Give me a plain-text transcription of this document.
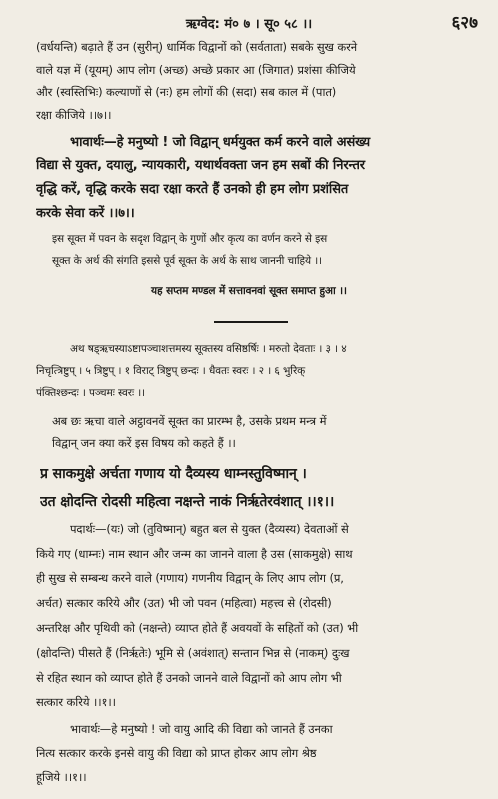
ऋग्वेद: मं० ७ । सू० ५८ ।।	६२७
(वर्धयन्ति) बढ़ाते हैं उन (सुरीन्) धार्मिक विद्वानों को (सर्वताता) सबके सुख करने
वाले यज्ञ में (यूयम्) आप लोग (अच्छ) अच्छे प्रकार आ (जिगात) प्रशंसा कीजिये
और (स्वस्तिभिः) कल्याणों से (नः) हम लोगों की (सदा) सब काल में (पात)
रक्षा कीजिये ।।७।।
भावार्थः—हे मनुष्यो ! जो विद्वान् धर्मयुक्त कर्म करने वाले असंख्य
विद्या से युक्त, दयालु, न्यायकारी, यथार्थवक्ता जन हम सबों की निरन्तर
वृद्धि करें, वृद्धि करके सदा रक्षा करते हैं उनको ही हम लोग प्रशंसित
करके सेवा करें ।।७।।
इस सूक्त में पवन के सदृश विद्वान् के गुणों और कृत्य का वर्णन करने से इस
सूक्त के अर्थ की संगति इससे पूर्व सूक्त के अर्थ के साथ जाननी चाहिये ।।
यह सप्तम मण्डल में सत्तावनवां सूक्त समाप्त हुआ ।।
अथ षड्ऋचस्याऽष्टापञ्चाशत्तमस्य सूक्तस्य वसिष्ठर्षिः । मरुतो देवताः । ३ । ४
निचृत्त्रिष्टुप् । ५ त्रिष्टुप् । १ विराट् त्रिष्टुप् छन्दः । धैवतः स्वरः । २ । ६ भुरिक्
पंक्तिश्छन्दः । पञ्चमः स्वरः ।।
अब छः ऋचा वाले अट्ठावनवें सूक्त का प्रारम्भ है, उसके प्रथम मन्त्र में
विद्वान् जन क्या करें इस विषय को कहते हैं ।।
प्र साकमुक्षे अर्चता गणाय यो दैव्यस्य धाम्नस्तुविष्मान् ।
उत क्षोदन्ति रोदसी महित्वा नक्षन्ते नाकं निर्ऋतेरवंशात् ।।१।।
पदार्थः—(यः) जो (तुविष्मान्) बहुत बल से युक्त (दैव्यस्य) देवताओं से
किये गए (धाम्नः) नाम स्थान और जन्म का जानने वाला है उस (साकमुक्षे) साथ
ही सुख से सम्बन्ध करने वाले (गणाय) गणनीय विद्वान् के लिए आप लोग (प्र,
अर्चत) सत्कार करिये और (उत) भी जो पवन (महित्वा) महत्त्व से (रोदसी)
अन्तरिक्ष और पृथिवी को (नक्षन्ते) व्याप्त होते हैं अवयवों के सहितों को (उत) भी
(क्षोदन्ति) पीसते हैं (निर्ऋतेः) भूमि से (अवंशात्) सन्तान भिन्न से (नाकम्) दुःख
से रहित स्थान को व्याप्त होते हैं उनको जानने वाले विद्वानों को आप लोग भी
सत्कार करिये ।।१।।
भावार्थः—हे मनुष्यो ! जो वायु आदि की विद्या को जानते हैं उनका
नित्य सत्कार करके इनसे वायु की विद्या को प्राप्त होकर आप लोग श्रेष्ठ
हूजिये ।।१।।
